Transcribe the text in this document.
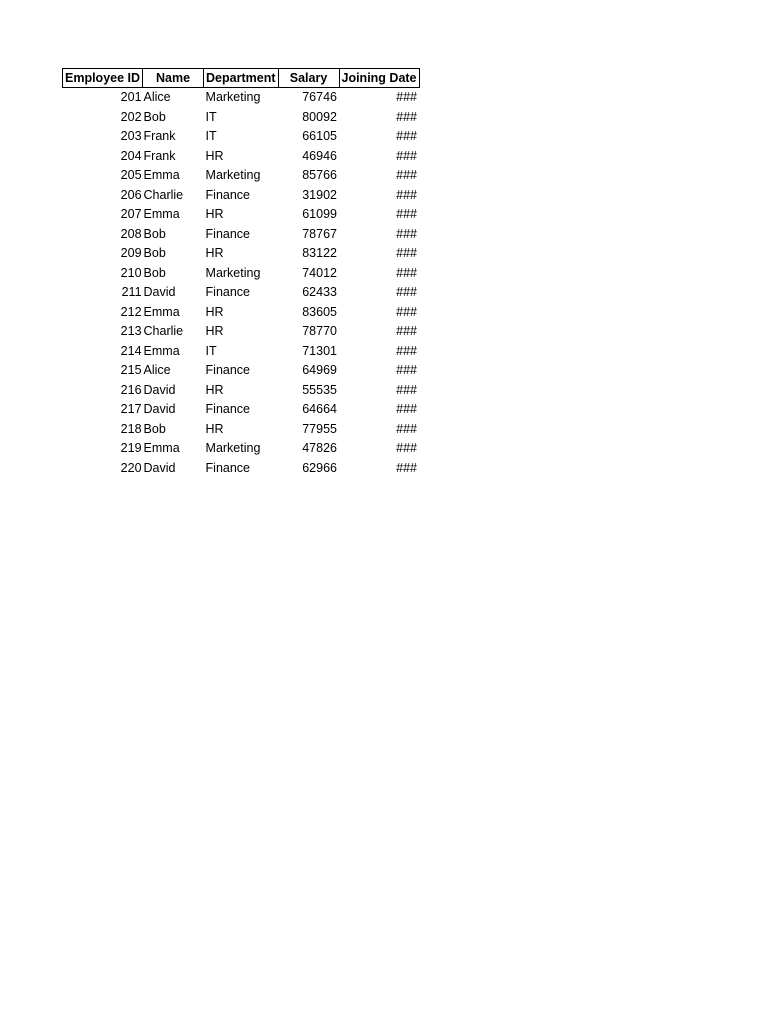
Employee ID	Name	Department	Salary	Joining Date
201	Alice	Marketing	76746	###
202	Bob	IT	80092	###
203	Frank	IT	66105	###
204	Frank	HR	46946	###
205	Emma	Marketing	85766	###
206	Charlie	Finance	31902	###
207	Emma	HR	61099	###
208	Bob	Finance	78767	###
209	Bob	HR	83122	###
210	Bob	Marketing	74012	###
211	David	Finance	62433	###
212	Emma	HR	83605	###
213	Charlie	HR	78770	###
214	Emma	IT	71301	###
215	Alice	Finance	64969	###
216	David	HR	55535	###
217	David	Finance	64664	###
218	Bob	HR	77955	###
219	Emma	Marketing	47826	###
220	David	Finance	62966	###
